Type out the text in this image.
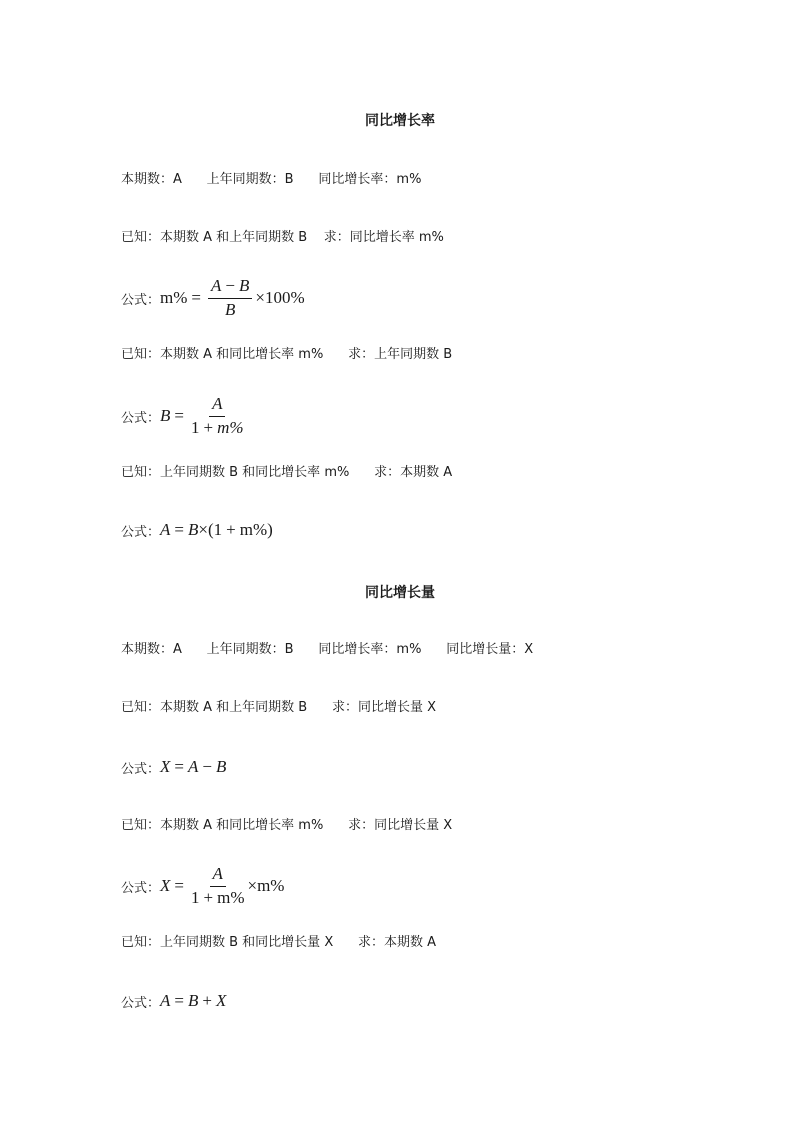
同比增长率
本期数：A      上年同期数：B      同比增长率：m%
已知：本期数 A 和上年同期数 B    求：同比增长率 m%
公式： $m\% = \frac{A - B}{B} \times 100\%$
已知：本期数 A 和同比增长率 m%      求：上年同期数 B
公式： $B = \frac{A}{1 + m\%}$
已知：上年同期数 B 和同比增长率 m%      求：本期数 A
公式： A = B × ( 1 + m% )
同比增长量
本期数：A      上年同期数：B      同比增长率：m%      同比增长量：X
已知：本期数 A 和上年同期数 B      求：同比增长量 X
公式： X = A − B
已知：本期数 A 和同比增长率 m%      求：同比增长量 X
公式： $X = \frac{A}{1 + m\%} \times m\%$
已知：上年同期数 B 和同比增长量 X      求：本期数 A
公式： A = B + X
